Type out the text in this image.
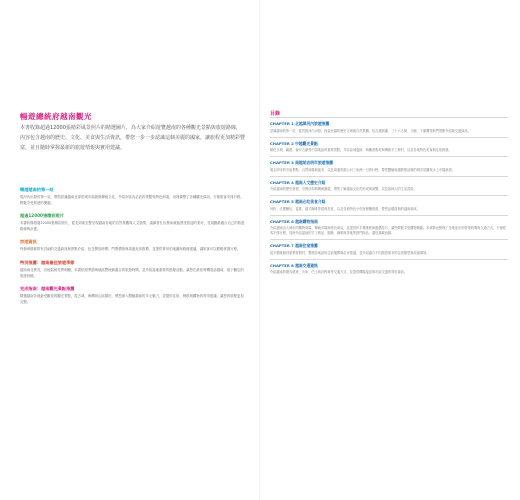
暢遊總統府越南觀光

本書收錄超過12000張精彩風景照片的精選圖片，為大家介紹遊覽越南的各種觀光景點與旅遊路線，內容包含越南的歷史、文化、美食與生活資訊，帶您一步一步認識這個美麗的國家，讓旅程更加精彩豐富，並且隨時掌握最新的旅遊情報與實用建議。

暢遊越南的第一站
從河內出發的第一站，帶您認識越南北部的城市風貌與傳統文化，介紹市區內必訪的景點與特色街道。這裡彙整了各種觀光資訊，方便旅客安排行程，輕鬆享受旅遊的樂趣。
超過12000張精彩照片
本書收錄超過12000張精彩照片，從北到南完整呈現越南各地的自然景觀與人文風情，讓讀者在出發前就能感受旅途的美好，並規劃最適合自己的旅遊路線與計畫。
旅遊資訊
每個章節都附有詳細的交通資訊與景點介紹，包含開放時間、門票價格與周邊美食推薦，並提供實用的地圖與路線建議，讓旅客可以輕鬆掌握行程。
特別推薦：越南最佳旅遊季節
越南南北狹長，各地氣候差異明顯，本書依照季節與地區整理最適合的旅遊時間，並介紹當地重要的節慶活動，讓您在最佳時機造訪越南，留下難忘的旅遊回憶。
完成指南：越南觀光景點推薦
精選越南各地最受歡迎的觀光景點，從古城、海灣到山區梯田，帶您深入體驗越南的多元魅力，並提供住宿、餐飲與購物的實用建議，讓您的旅程更加完整。
目錄
CHAPTER 1 北越與河內旅遊推薦
認識越南的第一站，從首都河內出發，探索北越的歷史古城與自然景觀，包含還劍湖、三十六古街、文廟、下龍灣等熱門景點介紹與交通資訊。
CHAPTER 2 中越觀光景點
順化古城、峴港、會安古鎮等中部地區的重要景點，介紹皇城遺跡、海灘度假村與傳統手工藝村，以及各地特色美食與住宿推薦。
CHAPTER 3 南越胡志明市旅遊推薦
胡志明市的市區景點、百貨商場與夜市，以及周邊的湄公河三角洲一日遊行程，帶您體驗南越熱情活潑的城市氛圍與水上市場風情。
CHAPTER 4 越南人文歷史介紹
介紹越南的歷史發展、宗教信仰與傳統節慶，帶您了解越南文化的形成與演變，以及當地人的生活習俗。
CHAPTER 5 越南必吃美食介紹
河粉、法國麵包、春捲、越式咖啡等經典美食，以及各地特色小吃與餐廳推薦，帶您品嚐道地的越南風味。
CHAPTER 6 越南購物指南
介紹越南各大城市的購物商場、傳統市場與特色商店，並提供伴手禮推薦與殺價技巧，讓您輕鬆享受購物樂趣。本章節也整理了各地夜市的營業時間與交通方式，方便旅客安排行程，同時介紹當地的手工藝品、服飾、咖啡與茶葉等熱門商品，讓您滿載而歸。
CHAPTER 7 越南住宿推薦
從平價旅館到豪華度假村，整理各地區的住宿選擇與訂房建議，並介紹適合不同旅遊需求的住宿類型與周邊環境。
CHAPTER 8 越南交通資訊
介紹越南的國內航班、火車、巴士與計程車等交通方式，並提供機場接送與市區交通的實用資訊。
